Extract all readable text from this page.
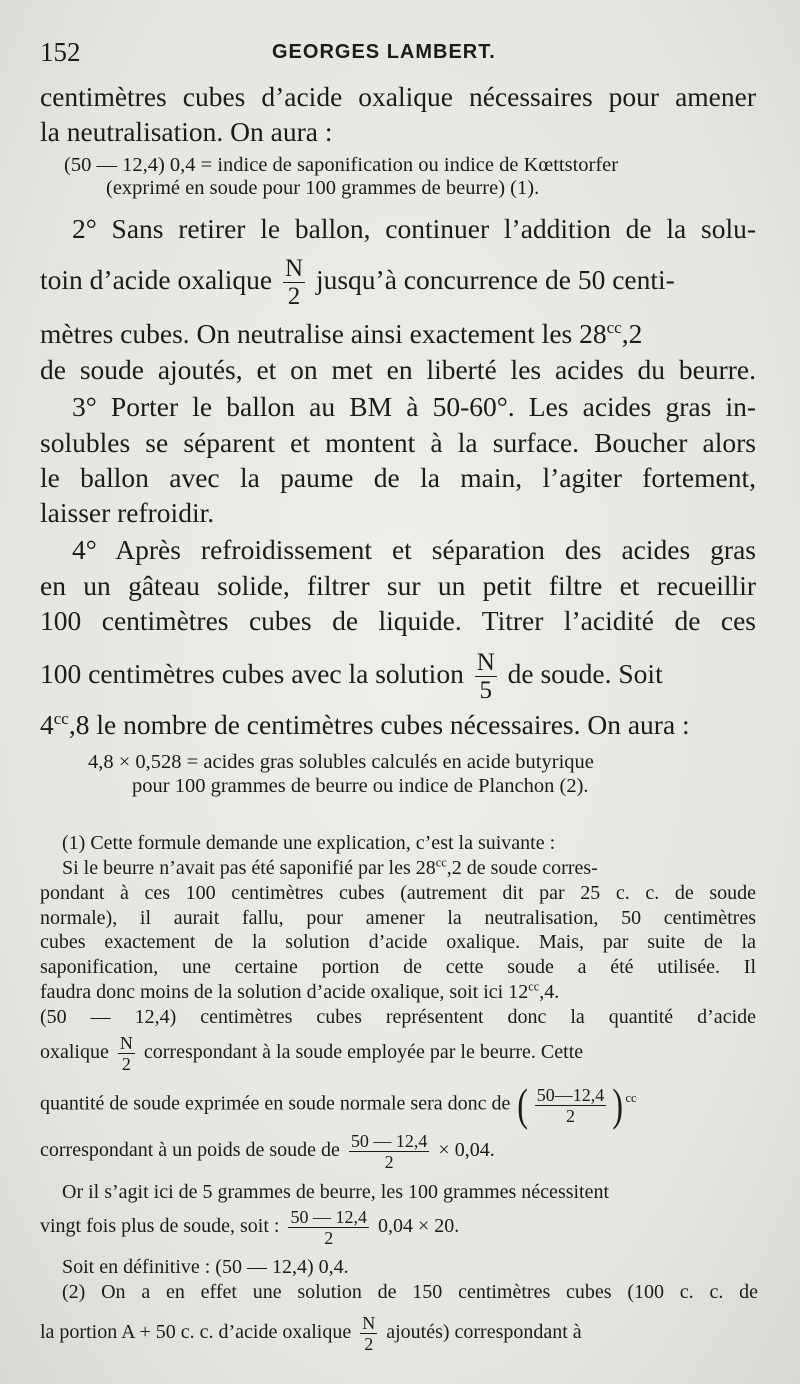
152	GEORGES LAMBERT.
centimètres cubes d’acide oxalique nécessaires pour amener
la neutralisation. On aura :
(50 — 12,4) 0,4 = indice de saponification ou indice de Kœttstorfer
(exprimé en soude pour 100 grammes de beurre) (1).
2° Sans retirer le ballon, continuer l’addition de la solu-
toin d’acide oxalique $\frac{N}{2}$ jusqu’à concurrence de 50 centi-
mètres cubes. On neutralise ainsi exactement les $28^{cc},2$
de soude ajoutés, et on met en liberté les acides du beurre.
3° Porter le ballon au BM à 50-60°. Les acides gras in-
solubles se séparent et montent à la surface. Boucher alors
le ballon avec la paume de la main, l’agiter fortement,
laisser refroidir.
4° Après refroidissement et séparation des acides gras
en un gâteau solide, filtrer sur un petit filtre et recueillir
100 centimètres cubes de liquide. Titrer l’acidité de ces
100 centimètres cubes avec la solution $\frac{N}{5}$ de soude. Soit
$4^{cc},8$ le nombre de centimètres cubes nécessaires. On aura :
4,8 × 0,528 = acides gras solubles calculés en acide butyrique
pour 100 grammes de beurre ou indice de Planchon (2).
(1) Cette formule demande une explication, c’est la suivante :
Si le beurre n’avait pas été saponifié par les $28^{cc},2$ de soude corres-
pondant à ces 100 centimètres cubes (autrement dit par 25 c. c. de soude
normale), il aurait fallu, pour amener la neutralisation, 50 centimètres
cubes exactement de la solution d’acide oxalique. Mais, par suite de la
saponification, une certaine portion de cette soude a été utilisée. Il
faudra donc moins de la solution d’acide oxalique, soit ici $12^{cc},4$.
(50 — 12,4) centimètres cubes représentent donc la quantité d’acide
oxalique $\frac{N}{2}$ correspondant à la soude employée par le beurre. Cette
quantité de soude exprimée en soude normale sera donc de ( $\frac{50—12,4}{2}$ ) $^{cc}$
correspondant à un poids de soude de $\frac{50 — 12,4}{2} \times 0,04$.
Or il s’agit ici de 5 grammes de beurre, les 100 grammes nécessitent
vingt fois plus de soude, soit : $\frac{50 — 12,4}{2} 0,04 \times 20$.
Soit en définitive : (50 — 12,4) 0,4.
(2) On a en effet une solution de 150 centimètres cubes (100 c. c. de
la portion A + 50 c. c. d’acide oxalique $\frac{N}{2}$ ajoutés) correspondant à
